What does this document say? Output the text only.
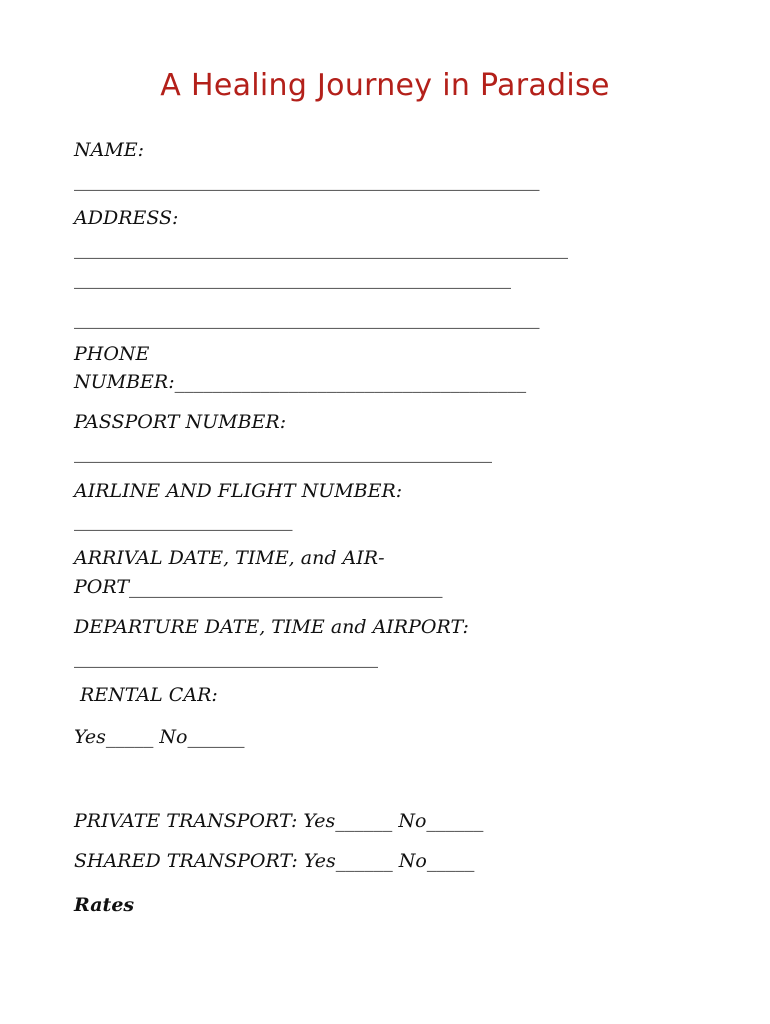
A Healing Journey in Paradise
NAME:
_________________________________________________
ADDRESS:
____________________________________________________
______________________________________________
_________________________________________________
PHONE
NUMBER:_____________________________________
PASSPORT NUMBER:
____________________________________________
AIRLINE AND FLIGHT NUMBER:
_______________________
ARRIVAL DATE, TIME, and AIR-
PORT_________________________________
DEPARTURE DATE, TIME and AIRPORT:
________________________________
RENTAL CAR:
Yes_____ No______
PRIVATE TRANSPORT: Yes______ No______
SHARED TRANSPORT: Yes______ No_____
Rates
